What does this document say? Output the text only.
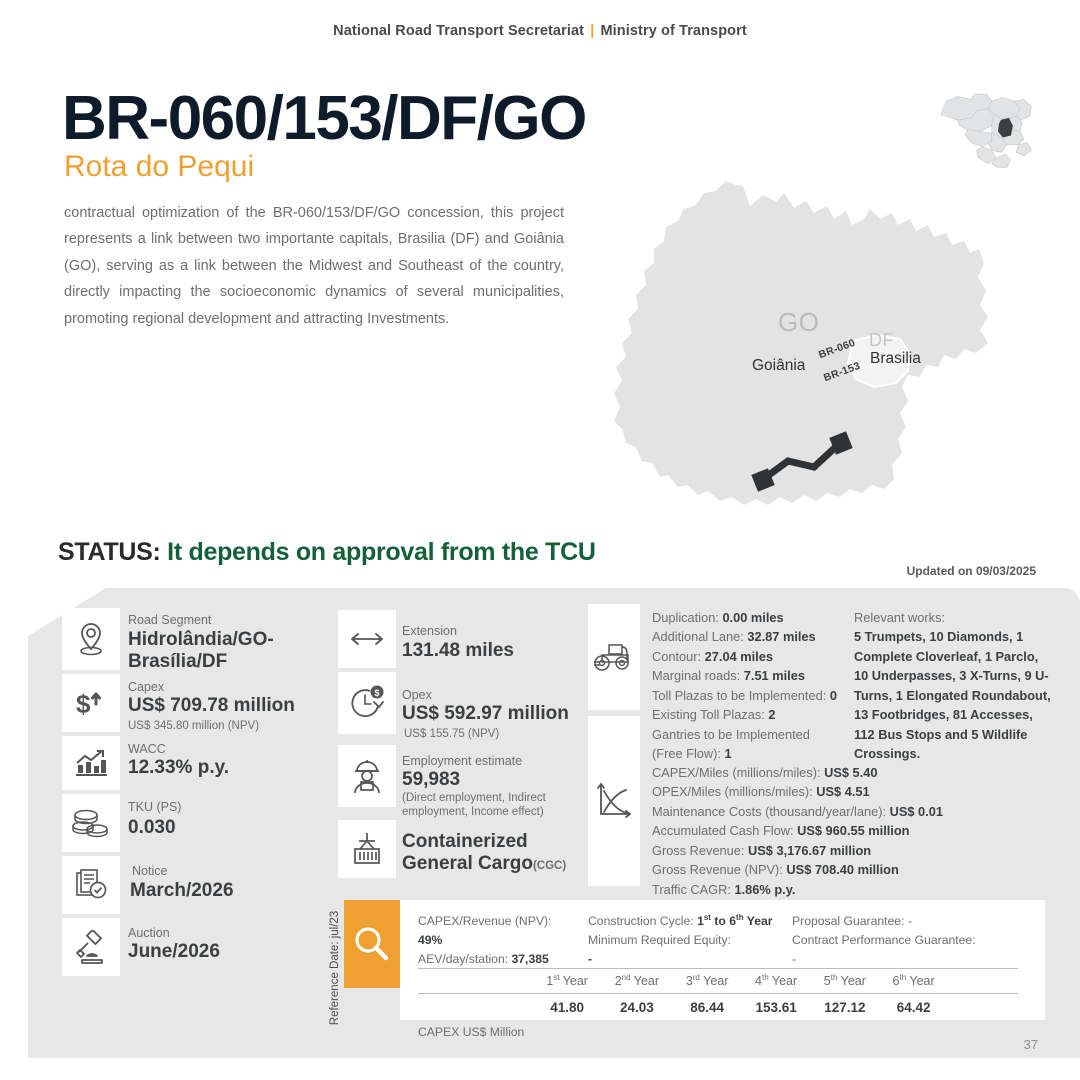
National Road Transport Secretariat | Ministry of Transport
BR-060/153/DF/GO
Rota do Pequi
contractual optimization of the BR-060/153/DF/GO concession, this project represents a link between two importante capitals, Brasilia (DF) and Goiânia (GO), serving as a link between the Midwest and Southeast of the country, directly impacting the socioeconomic dynamics of several municipalities, promoting regional development and attracting Investments.	GO
DF
Goiânia	Brasilia
BR-060
BR-153
STATUS: It depends on approval from the TCU
Updated on 09/03/2025
Road Segment
Hidrolândia/GO-
Brasília/DF
$
Capex
US$ 709.78 million
US$ 345.80 million (NPV)
WACC
12.33% p.y.
TKU (PS)
0.030
Notice
March/2026
Auction
June/2026
Extension
131.48 miles
$ Opex
US$ 592.97 million
US$ 155.75 (NPV)
Employment estimate
59,983
(Direct employment, Indirect employment, Income effect)
Containerized General Cargo(CGC)
Duplication: 0.00 miles
Additional Lane: 32.87 miles
Contour: 27.04 miles
Marginal roads: 7.51 miles
Toll Plazas to be Implemented: 0
Existing Toll Plazas: 2
Gantries to be Implemented
(Free Flow): 1
Relevant works:
5 Trumpets, 10 Diamonds, 1 Complete Cloverleaf, 1 Parclo, 10 Underpasses, 3 X-Turns, 9 U-Turns, 1 Elongated Roundabout, 13 Footbridges, 81 Accesses, 112 Bus Stops and 5 Wildlife Crossings.
CAPEX/Miles (millions/miles): US$ 5.40
OPEX/Miles (millions/miles): US$ 4.51
Maintenance Costs (thousand/year/lane): US$ 0.01
Accumulated Cash Flow: US$ 960.55 million
Gross Revenue: US$ 3,176.67 million
Gross Revenue (NPV): US$ 708.40 million
Traffic CAGR: 1.86% p.y.
Reference Date: jul/23	CAPEX/Revenue (NPV): 49%
AEV/day/station: 37,385
Construction Cycle: 1st to 6th Year
Minimum Required Equity:
-
Proposal Guarantee: -
Contract Performance Guarantee:
-
	1st Year	2nd Year	3rd Year	4th Year	5th Year	6th Year	
	41.80	24.03	86.44	153.61	127.12	64.42	
CAPEX US$ Million
37
